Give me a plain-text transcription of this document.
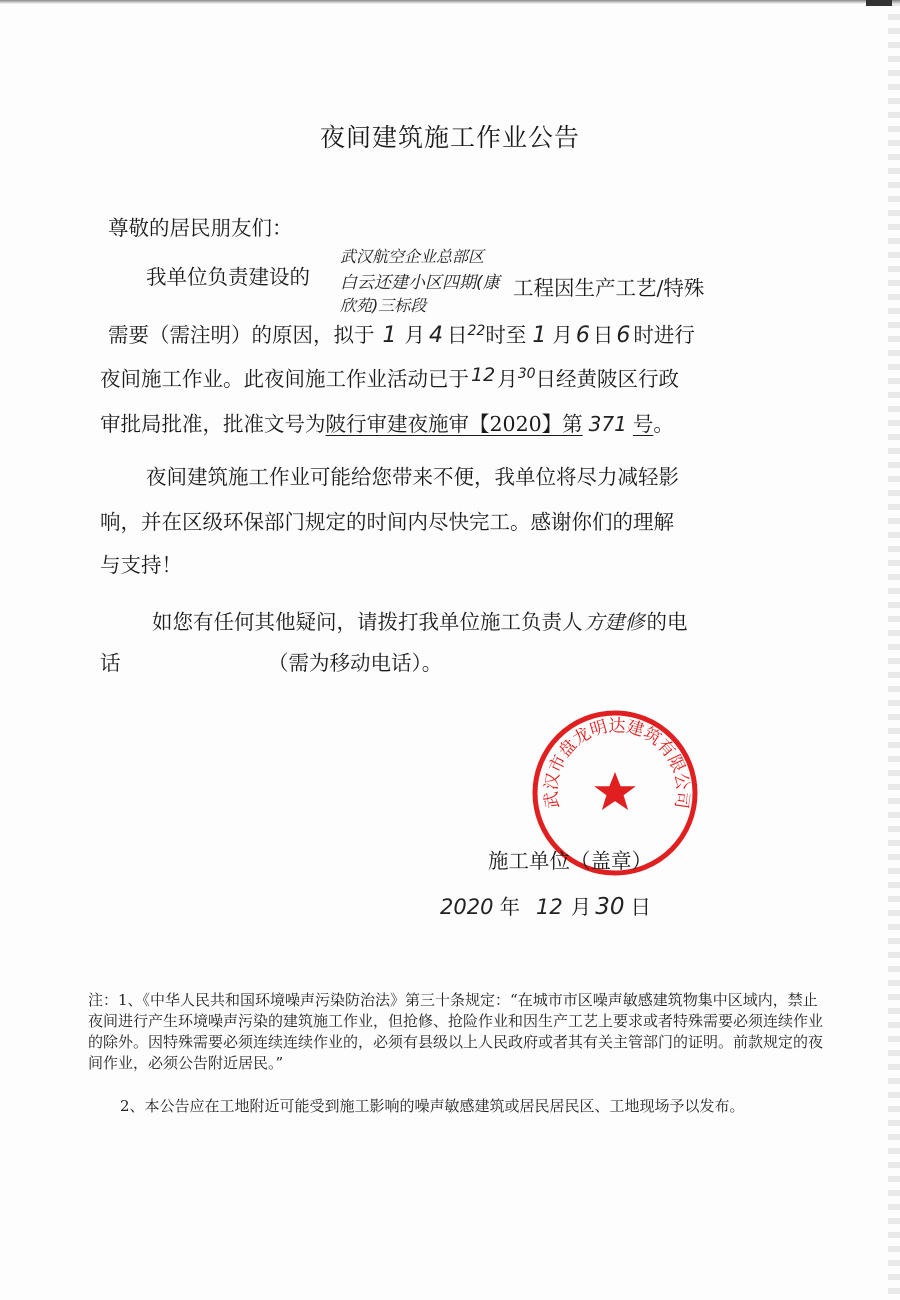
夜间建筑施工作业公告
尊敬的居民朋友们：
武汉航空企业总部区
白云还建小区四期(康
欣苑)三标段
我单位负责建设的	工程因生产工艺/特殊
需要（需注明）的原因，拟于 1 月 4 日22时至 1 月 6 日 6 时进行
夜间施工作业。此夜间施工作业活动已于 12月30日经黄陂区行政
审批局批准，批准文号为陂行审建夜施审【2020】第 371 号。
夜间建筑施工作业可能给您带来不便，我单位将尽力减轻影
响，并在区级环保部门规定的时间内尽快完工。感谢你们的理解
与支持！
如您有任何其他疑问，请拨打我单位施工负责人 方建修的电
话	（需为移动电话）。
武汉市盘龙明达建筑有限公司
施工单位（盖章）
2020 年 12 月 30 日
注：1、《中华人民共和国环境噪声污染防治法》第三十条规定：“在城市市区噪声敏感建筑物集中区域内，禁止夜间进行产生环境噪声污染的建筑施工作业，但抢修、抢险作业和因生产工艺上要求或者特殊需要必须连续作业的除外。因特殊需要必须连续连续作业的，必须有县级以上人民政府或者其有关主管部门的证明。前款规定的夜间作业，必须公告附近居民。”
2、本公告应在工地附近可能受到施工影响的噪声敏感建筑或居民居民区、工地现场予以发布。
